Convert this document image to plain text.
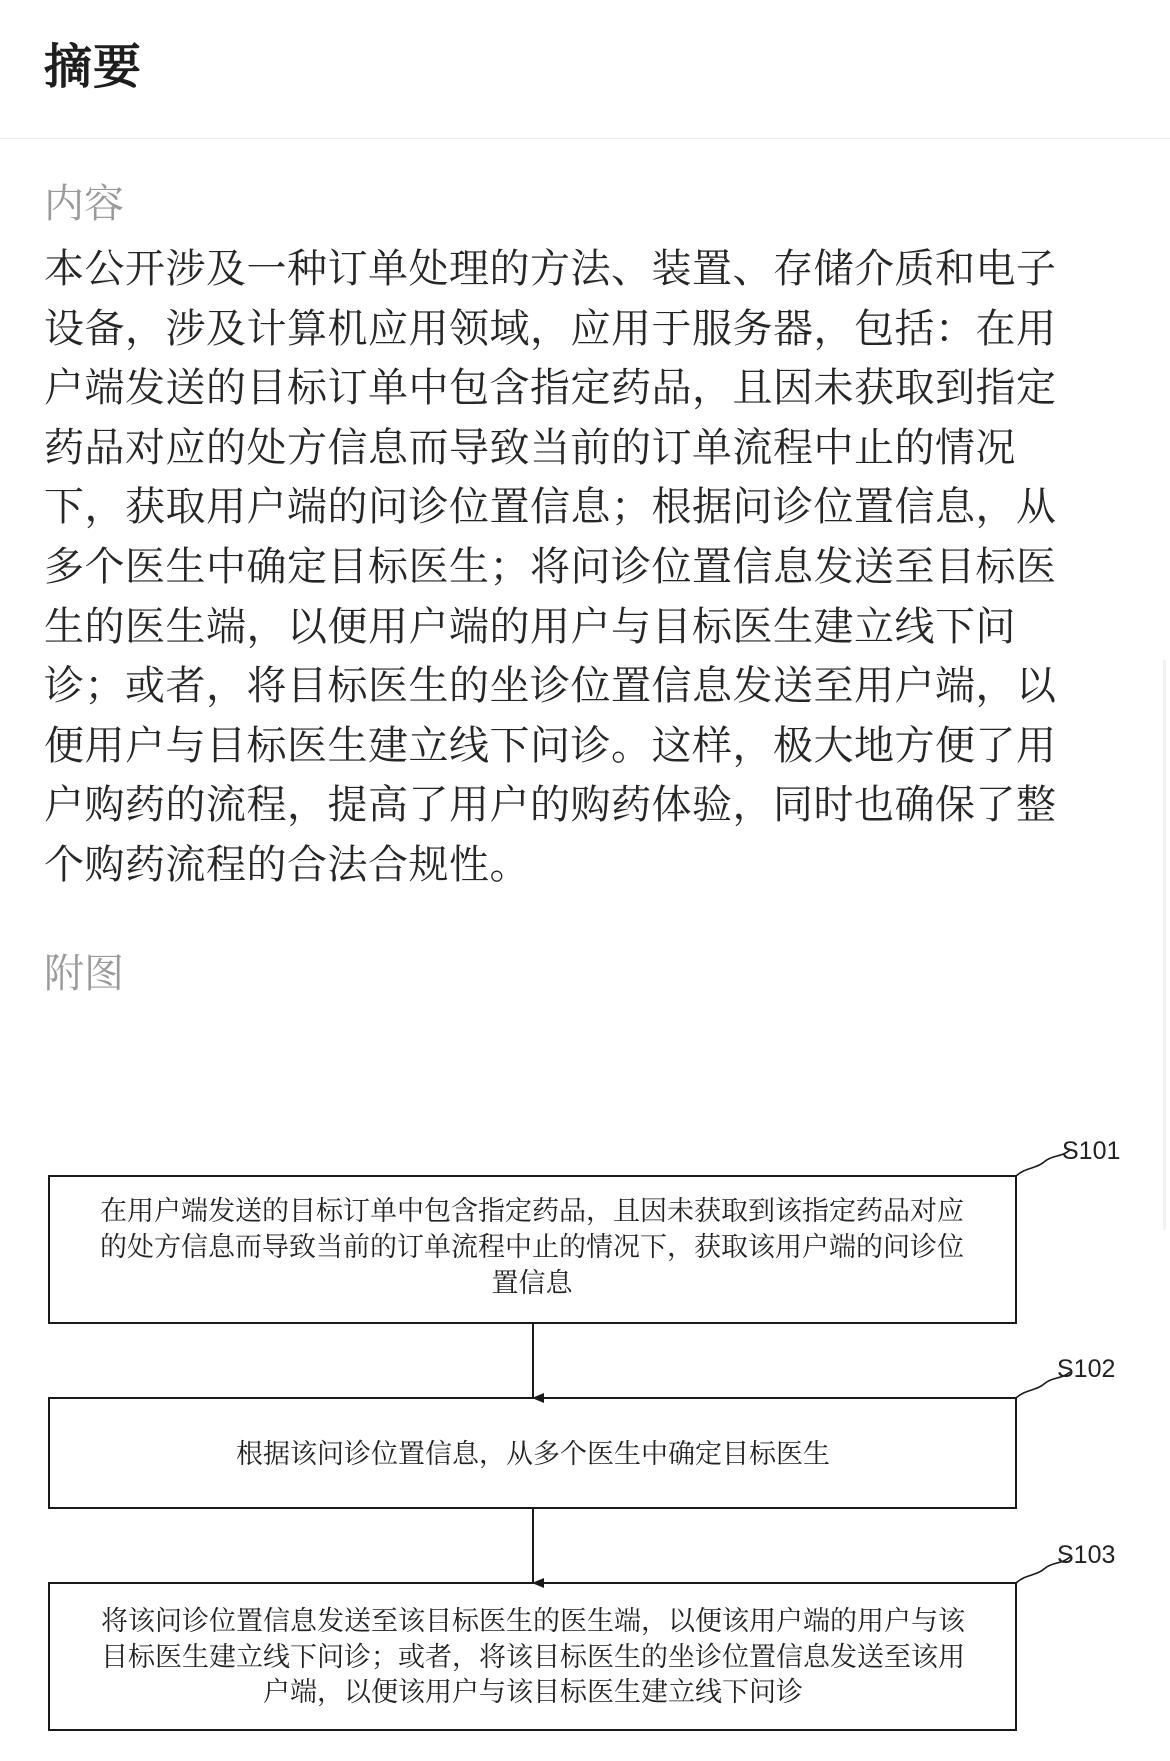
摘要
内容
本公开涉及一种订单处理的方法、装置、存储介质和电子设备，涉及计算机应用领域，应用于服务器，包括：在用户端发送的目标订单中包含指定药品，且因未获取到指定药品对应的处方信息而导致当前的订单流程中止的情况下，获取用户端的问诊位置信息；根据问诊位置信息，从多个医生中确定目标医生；将问诊位置信息发送至目标医生的医生端，以便用户端的用户与目标医生建立线下问诊；或者，将目标医生的坐诊位置信息发送至用户端，以便用户与目标医生建立线下问诊。这样，极大地方便了用户购药的流程，提高了用户的购药体验，同时也确保了整个购药流程的合法合规性。
附图
在用户端发送的目标订单中包含指定药品，且因未获取到该指定药品对应
的处方信息而导致当前的订单流程中止的情况下，获取该用户端的问诊位
置信息
S101
根据该问诊位置信息，从多个医生中确定目标医生
S102
将该问诊位置信息发送至该目标医生的医生端，以便该用户端的用户与该
目标医生建立线下问诊；或者，将该目标医生的坐诊位置信息发送至该用
户端，以便该用户与该目标医生建立线下问诊
S103
